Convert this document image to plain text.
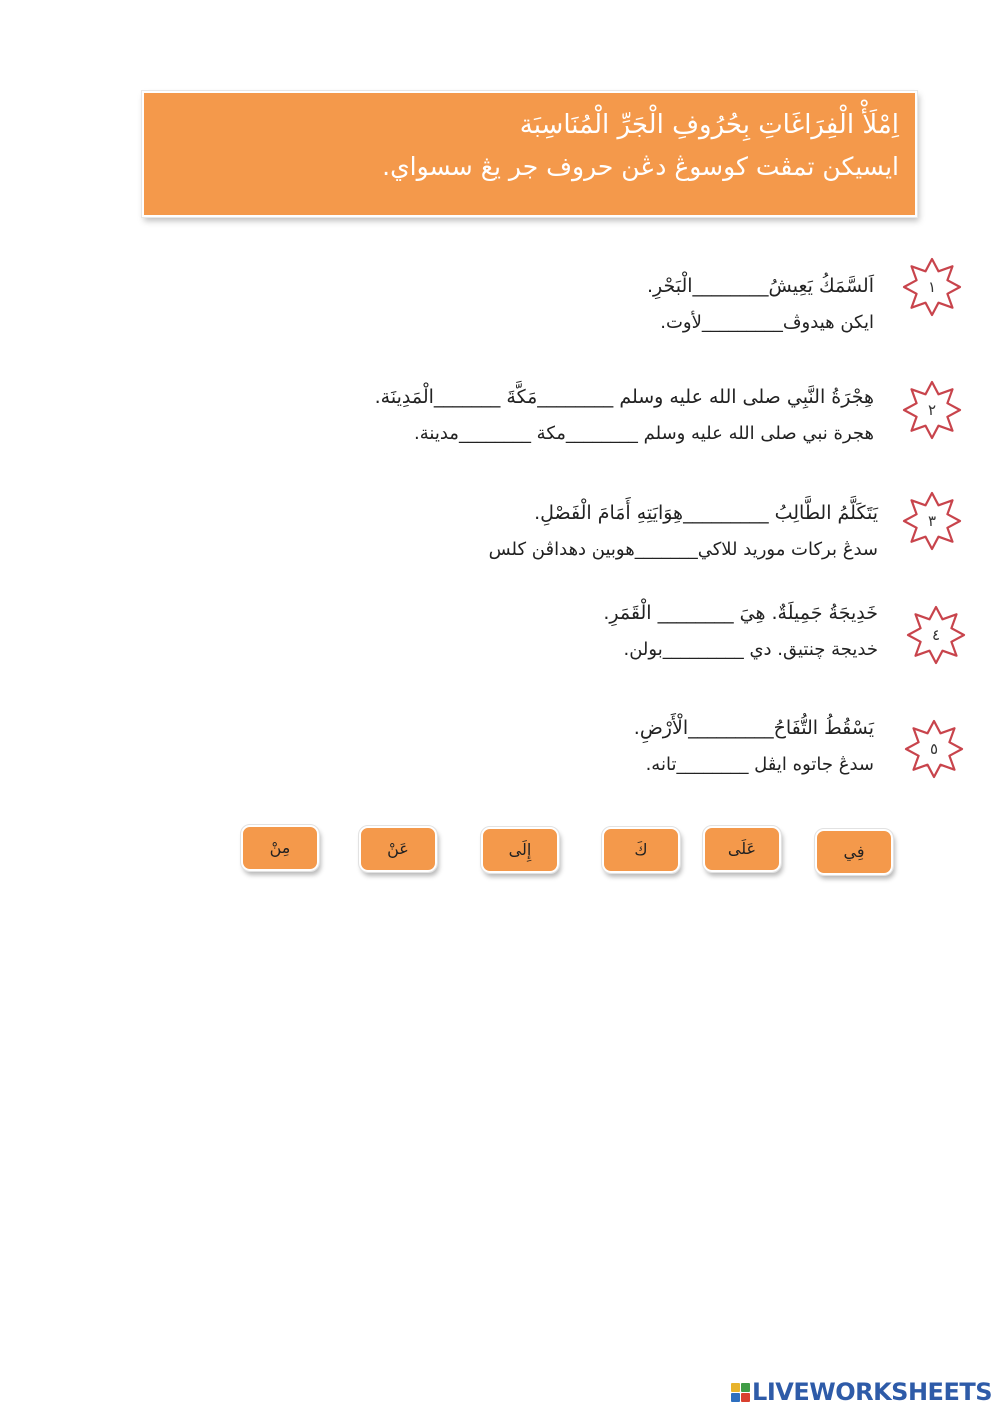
اِمْلَأْ الْفِرَاغَاتِ بِحُرُوفِ الْجَرِّ الْمُنَاسِبَة
ايسيكن تمڤت كوسوڠ دڠن حروف جر يڠ سسواي.
١
اَلسَّمَكُ يَعِيشُ________الْبَحْرِ.
ايكن هيدوڤ_________لأوت.
٢
هِجْرَةُ النَّبِي صلى الله عليه وسلم ________مَكَّةَ _______الْمَدِينَة.
هجرة نبي صلى الله عليه وسلم ________مكة ________مدينة.
٣
يَتَكَلَّمُ الطَّالِبُ _________هِوَايَتِهِ أَمَامَ الْفَصْلِ.
سدڠ بركات موريد للاكي_______هوبين دهداڤن كلس
٤
خَدِيجَةُ جَمِيلَةٌ. هِيَ ________ الْقَمَرِ.
خديجة چنتيق. دي _________بولن.
٥
يَسْقُطُ التُّفَاحُ_________الْأَرْضِ.
سدڠ جاتوه ايڤل ________تانه.
فِي
عَلَى
كَ
إِلَى
عَنْ
مِنْ
LIVEWORKSHEETS
